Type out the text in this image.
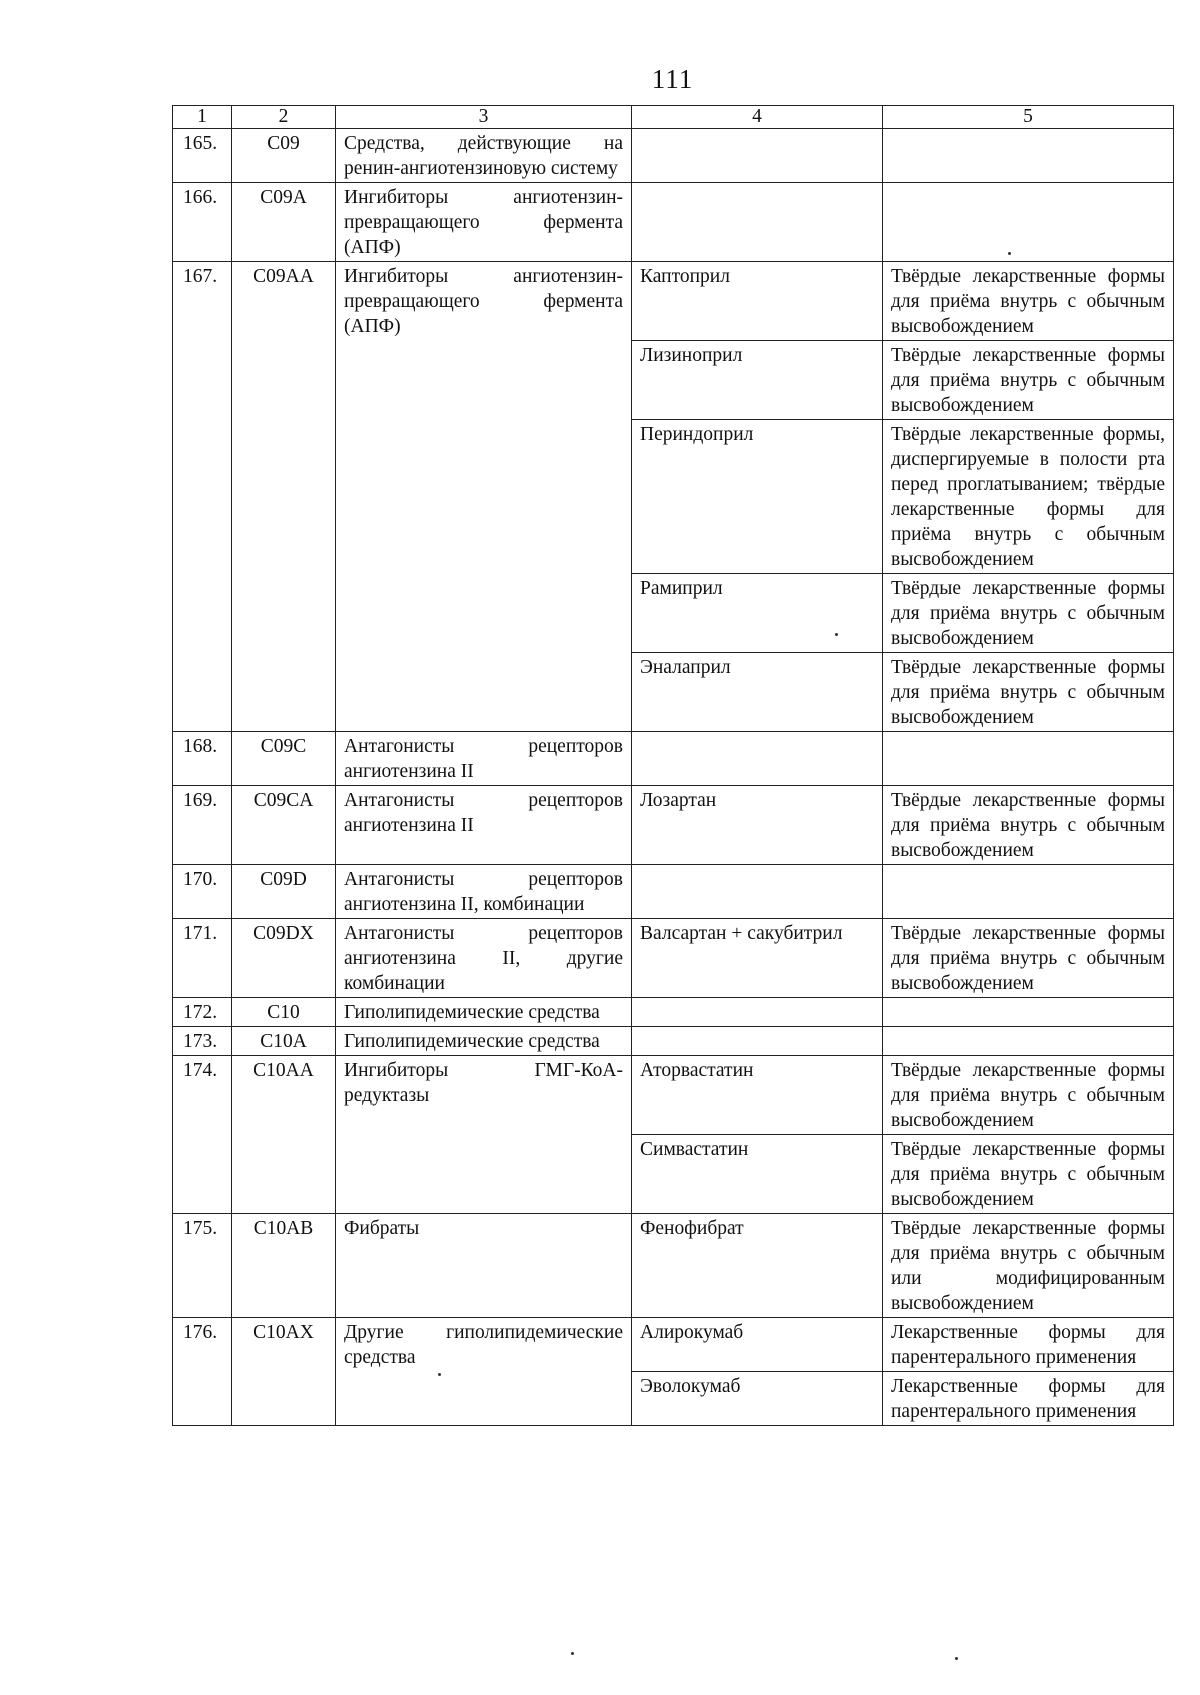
111
1	2	3	4	5
165.	C09	Средства, действующие на ренин-ангиотензиновую систему		
166.	C09A	Ингибиторы ангиотензин-превращающего фермента (АПФ)		
167.	C09AA	Ингибиторы ангиотензин-превращающего фермента (АПФ)	Каптоприл	Твёрдые лекарственные формы для приёма внутрь с обычным высвобождением
			Лизиноприл	Твёрдые лекарственные формы для приёма внутрь с обычным высвобождением
			Периндоприл	Твёрдые лекарственные формы, диспергируемые в полости рта перед проглатыванием; твёрдые лекарственные формы для приёма внутрь с обычным высвобождением
			Рамиприл	Твёрдые лекарственные формы для приёма внутрь с обычным высвобождением
			Эналаприл	Твёрдые лекарственные формы для приёма внутрь с обычным высвобождением
168.	C09C	Антагонисты рецепторов ангиотензина II		
169.	C09CA	Антагонисты рецепторов ангиотензина II	Лозартан	Твёрдые лекарственные формы для приёма внутрь с обычным высвобождением
170.	C09D	Антагонисты рецепторов ангиотензина II, комбинации		
171.	C09DX	Антагонисты рецепторов ангиотензина II, другие комбинации	Валсартан + сакубитрил	Твёрдые лекарственные формы для приёма внутрь с обычным высвобождением
172.	C10	Гиполипидемические средства		
173.	C10A	Гиполипидемические средства		
174.	C10AA	Ингибиторы ГМГ-КоА-редуктазы	Аторвастатин	Твёрдые лекарственные формы для приёма внутрь с обычным высвобождением
			Симвастатин	Твёрдые лекарственные формы для приёма внутрь с обычным высвобождением
175.	C10AB	Фибраты	Фенофибрат	Твёрдые лекарственные формы для приёма внутрь с обычным или модифицированным высвобождением
176.	C10AX	Другие гиполипидемические средства	Алирокумаб	Лекарственные формы для парентерального применения
			Эволокумаб	Лекарственные формы для парентерального применения
